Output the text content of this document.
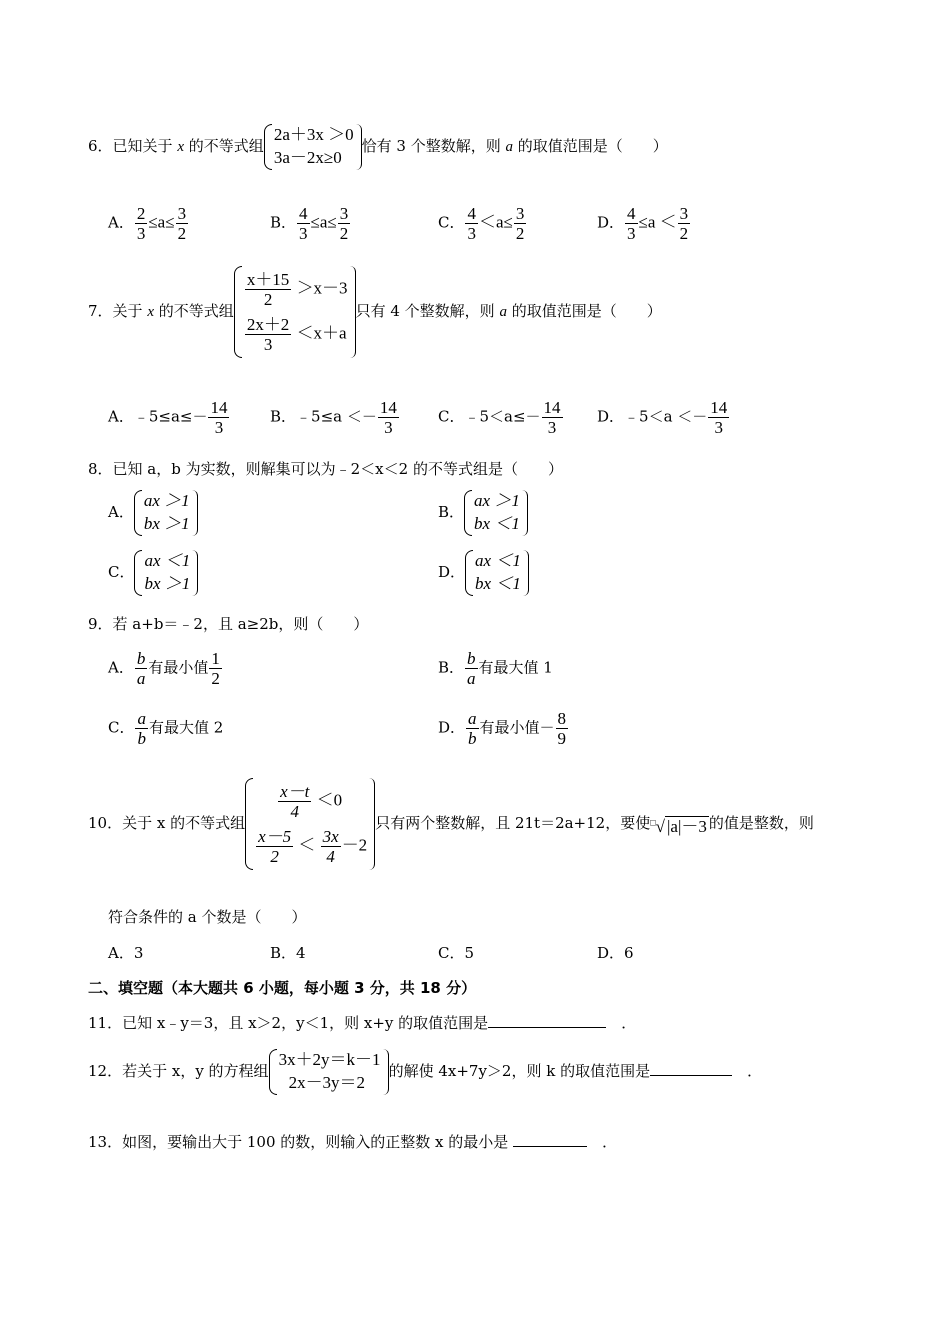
6．已知关于 x 的不等式组
2a＋3x ＞0
3a－2x≥0
恰有 3 个整数解，则 a 的取值范围是（　　）
A． $\frac{2}{3} \le a\le \frac{3}{2}$	B． $\frac{4}{3} \le a\le \frac{3}{2}$	C． $\frac{4}{3} <a\le \frac{3}{2}$	D． $\frac{4}{3} \le a < \frac{3}{2}$
7．关于 x 的不等式组
$\frac{x+15}{2} >x-3$
$\frac{2x+2}{3} <x+a$
只有 4 个整数解，则 a 的取值范围是（　　）
A．﹣5≤a≤－ $\frac{14}{3}$	B．﹣5≤a ＜－ $\frac{14}{3}$	C．﹣5＜a≤－ $\frac{14}{3}$ D．﹣5＜a ＜－ $\frac{14}{3}$
8．已知 a，b 为实数，则解集可以为﹣2＜x＜2 的不等式组是（　　）
A．
ax ＞1
bx ＞1
B．
ax ＞1
bx ＜1
C．
ax ＜1
bx ＞1
D．
ax ＜1
bx ＜1
9．若 a+b＝﹣2，且 a≥2b，则（　　）
A． $\frac{b}{a}$ 有最小值 $\frac{1}{2}$	B． $\frac{b}{a}$ 有最大值 1
C． $\frac{a}{b}$ 有最大值 2	D． $\frac{a}{b}$ 有最小值－ $\frac{8}{9}$
10．关于 x 的不等式组
$\frac{x-t}{4} <0$
$\frac{x-5}{2} < \frac{3x}{4} -2$
只有两个整数解，且 21t＝2a+12，要使□√ |a|－3 的值是整数，则
符合条件的 a 个数是（　　）
A．3	B．4	C．5	D．6
二、填空题（本大题共 6 小题，每小题 3 分，共 18 分）
11．已知 x﹣y＝3，且 x＞2，y＜1，则 x+y 的取值范围是　	．
12．若关于 x，y 的方程组
3x＋2y＝k－1
2x－3y＝2
的解使 4x+7y＞2，则 k 的取值范围是　	．
13．如图，要输出大于 100 的数，则输入的正整数 x 的最小是 　	．
